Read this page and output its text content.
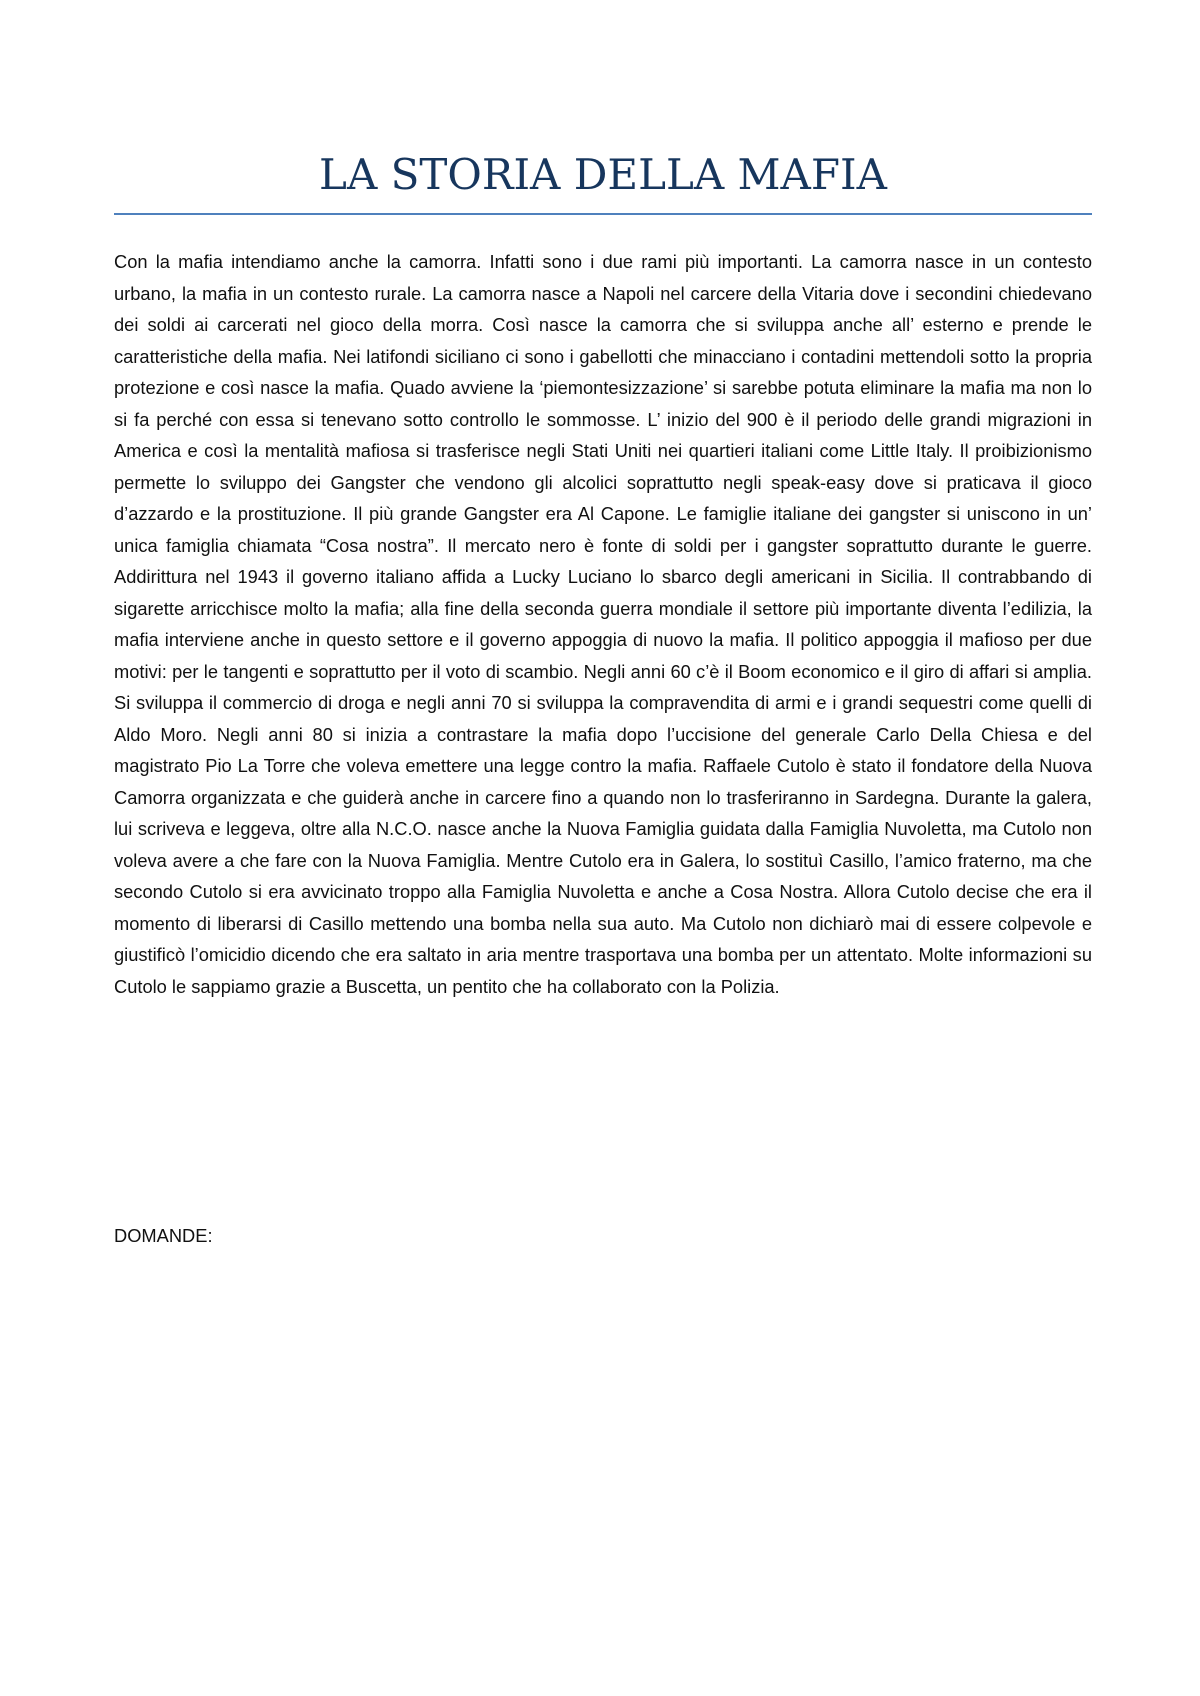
LA STORIA DELLA MAFIA

Con la mafia intendiamo anche la camorra. Infatti sono i due rami più importanti. La camorra nasce in un contesto urbano, la mafia in un contesto rurale. La camorra nasce a Napoli nel carcere della Vitaria dove i secondini chiedevano dei soldi ai carcerati nel gioco della morra. Così nasce la camorra che si sviluppa anche all’ esterno e prende le caratteristiche della mafia. Nei latifondi siciliano ci sono i gabellotti che minacciano i contadini mettendoli sotto la propria protezione e così nasce la mafia. Quado avviene la ‘piemontesizzazione’ si sarebbe potuta eliminare la mafia ma non lo si fa perché con essa si tenevano sotto controllo le sommosse. L’ inizio del 900 è il periodo delle grandi migrazioni in America e così la mentalità mafiosa si trasferisce negli Stati Uniti nei quartieri italiani come Little Italy. Il proibizionismo permette lo sviluppo dei Gangster che vendono gli alcolici soprattutto negli speak-easy dove si praticava il gioco d’azzardo e la prostituzione. Il più grande Gangster era Al Capone. Le famiglie italiane dei gangster si uniscono in un’ unica famiglia chiamata “Cosa nostra”. Il mercato nero è fonte di soldi per i gangster soprattutto durante le guerre. Addirittura nel 1943 il governo italiano affida a Lucky Luciano lo sbarco degli americani in Sicilia. Il contrabbando di sigarette arricchisce molto la mafia; alla fine della seconda guerra mondiale il settore più importante diventa l’edilizia, la mafia interviene anche in questo settore e il governo appoggia di nuovo la mafia. Il politico appoggia il mafioso per due motivi: per le tangenti e soprattutto per il voto di scambio. Negli anni 60 c’è il Boom economico e il giro di affari si amplia. Si sviluppa il commercio di droga e negli anni 70 si sviluppa la compravendita di armi e i grandi sequestri come quelli di Aldo Moro. Negli anni 80 si inizia a contrastare la mafia dopo l’uccisione del generale Carlo Della Chiesa e del magistrato Pio La Torre che voleva emettere una legge contro la mafia. Raffaele Cutolo è stato il fondatore della Nuova Camorra organizzata e che guiderà anche in carcere fino a quando non lo trasferiranno in Sardegna. Durante la galera, lui scriveva e leggeva, oltre alla N.C.O. nasce anche la Nuova Famiglia guidata dalla Famiglia Nuvoletta, ma Cutolo non voleva avere a che fare con la Nuova Famiglia. Mentre Cutolo era in Galera, lo sostituì Casillo, l’amico fraterno, ma che secondo Cutolo si era avvicinato troppo alla Famiglia Nuvoletta e anche a Cosa Nostra. Allora Cutolo decise che era il momento di liberarsi di Casillo mettendo una bomba nella sua auto. Ma Cutolo non dichiarò mai di essere colpevole e giustificò l’omicidio dicendo che era saltato in aria mentre trasportava una bomba per un attentato. Molte informazioni su Cutolo le sappiamo grazie a Buscetta, un pentito che ha collaborato con la Polizia.

DOMANDE:
